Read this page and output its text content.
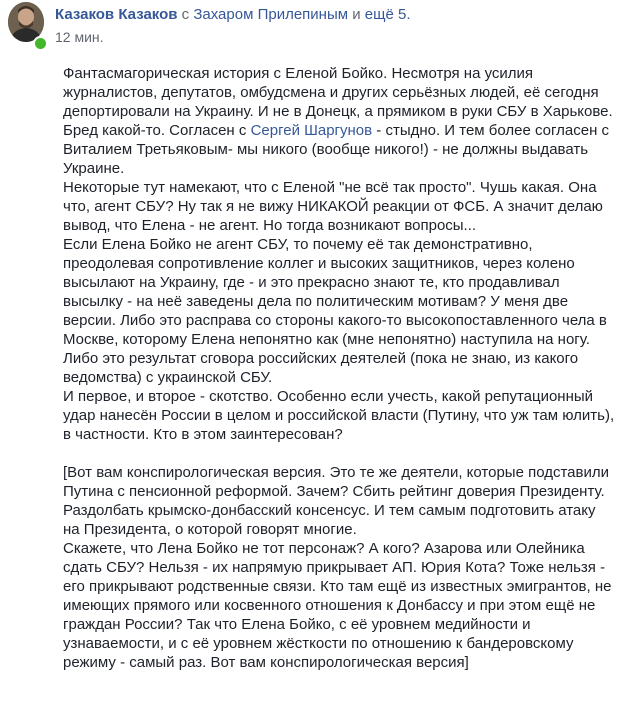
Казаков Казаков с Захаром Прилепиным и ещё 5.
12 мин.

Фантасмагорическая история с Еленой Бойко. Несмотря на усилия журналистов, депутатов, омбудсмена и других серьёзных людей, её сегодня депортировали на Украину. И не в Донецк, а прямиком в руки СБУ в Харькове. Бред какой-то. Согласен с Сергей Шаргунов - стыдно. И тем более согласен с Виталием Третьяковым- мы никого (вообще никого!) - не должны выдавать Украине.

Некоторые тут намекают, что с Еленой "не всё так просто". Чушь какая. Она что, агент СБУ? Ну так я не вижу НИКАКОЙ реакции от ФСБ. А значит делаю вывод, что Елена - не агент. Но тогда возникают вопросы...

Если Елена Бойко не агент СБУ, то почему её так демонстративно, преодолевая сопротивление коллег и высоких защитников, через колено высылают на Украину, где - и это прекрасно знают те, кто продавливал высылку - на неё заведены дела по политическим мотивам? У меня две версии. Либо это расправа со стороны какого-то высокопоставленного чела в Москве, которому Елена непонятно как (мне непонятно) наступила на ногу. Либо это результат сговора российских деятелей (пока не знаю, из какого ведомства) с украинской СБУ.

И первое, и второе - скотство. Особенно если учесть, какой репутационный удар нанесён России в целом и российской власти (Путину, что уж там юлить), в частности. Кто в этом заинтересован?

[Вот вам конспирологическая версия. Это те же деятели, которые подставили Путина с пенсионной реформой. Зачем? Сбить рейтинг доверия Президенту. Раздолбать крымско-донбасский консенсус. И тем самым подготовить атаку на Президента, о которой говорят многие.

Скажете, что Лена Бойко не тот персонаж? А кого? Азарова или Олейника сдать СБУ? Нельзя - их напрямую прикрывает АП. Юрия Кота? Тоже нельзя - его прикрывают родственные связи. Кто там ещё из известных эмигрантов, не имеющих прямого или косвенного отношения к Донбассу и при этом ещё не граждан России? Так что Елена Бойко, с её уровнем медийности и узнаваемости, и с её уровнем жёсткости по отношению к бандеровскому режиму - самый раз. Вот вам конспирологическая версия]
